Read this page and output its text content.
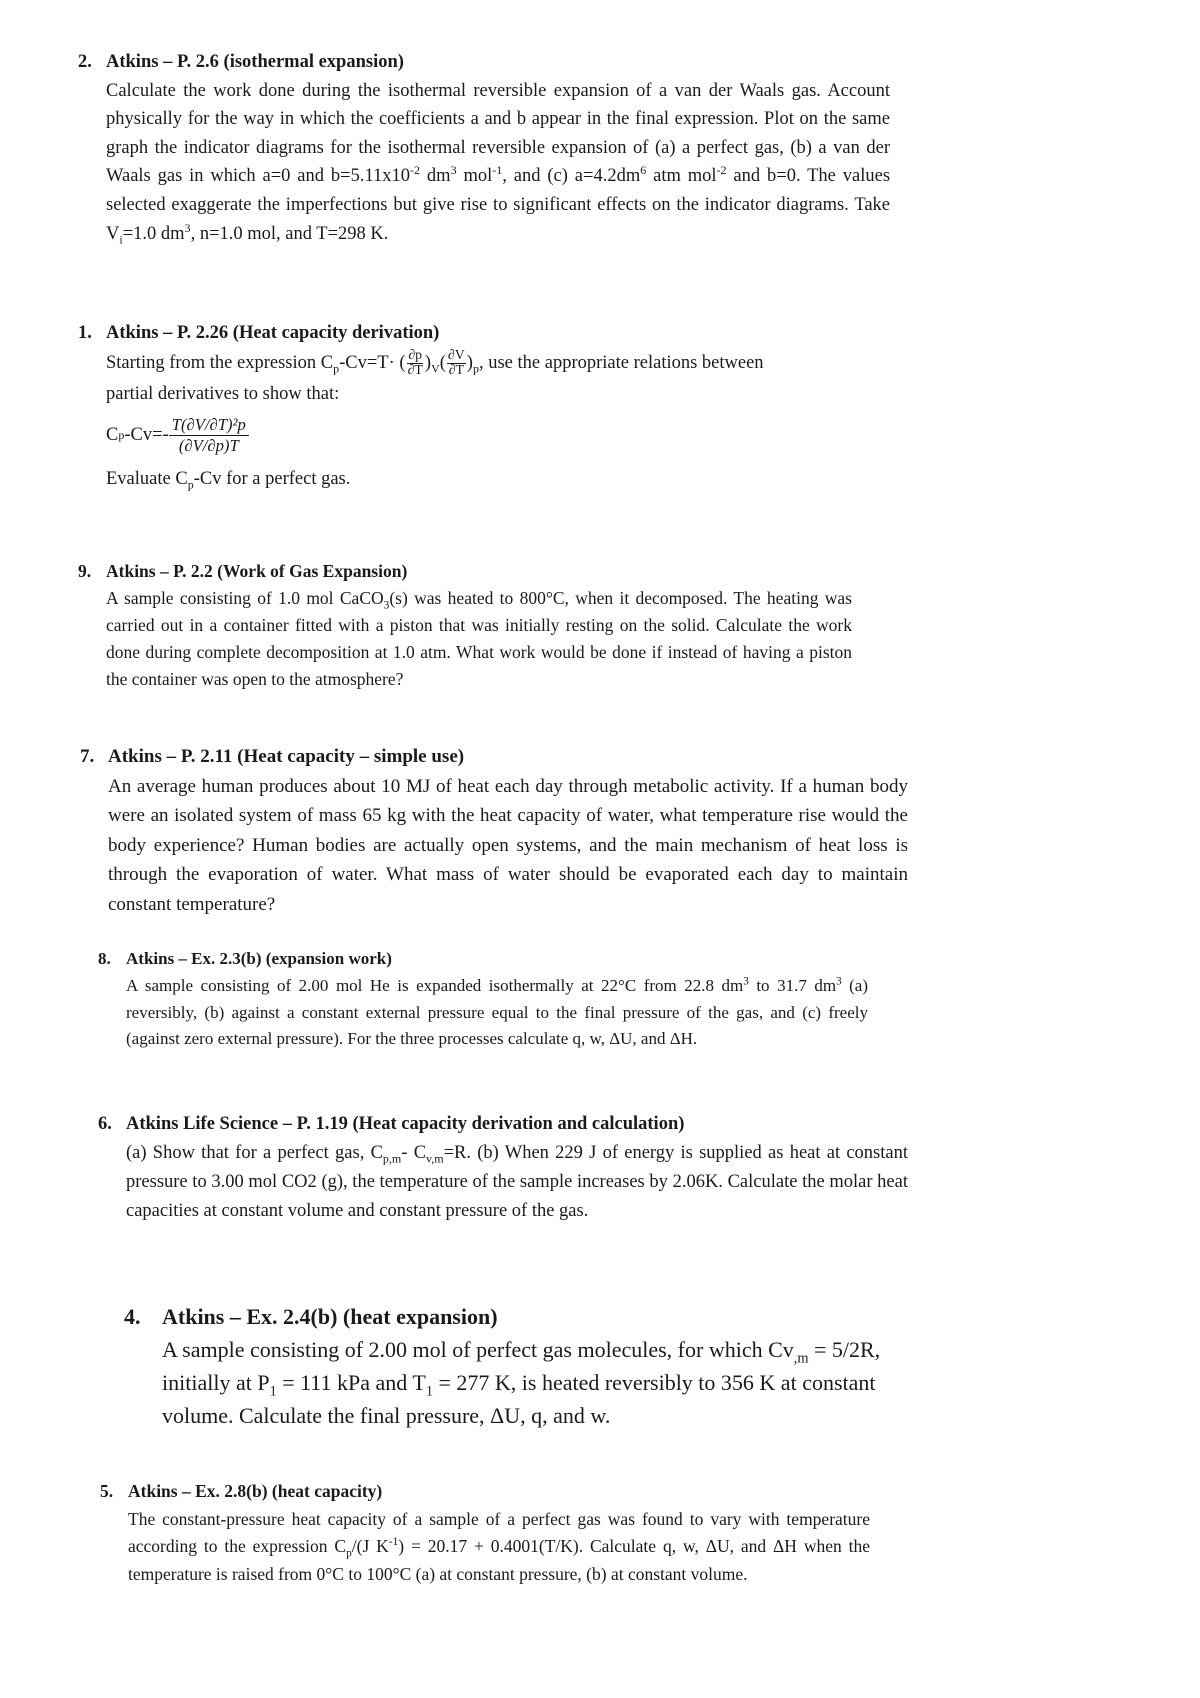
2. Atkins – P. 2.6 (isothermal expansion)

Calculate the work done during the isothermal reversible expansion of a van der Waals gas. Account physically for the way in which the coefficients a and b appear in the final expression. Plot on the same graph the indicator diagrams for the isothermal reversible expansion of (a) a perfect gas, (b) a van der Waals gas in which a=0 and $b=5.11x10^{-2}$ $dm^3$ mol$^{-1}$, and (c) $a=4.2dm^6$ atm mol$^{-2}$ and b=0. The values selected exaggerate the imperfections but give rise to significant effects on the indicator diagrams. Take $V_i=1.0$ $dm^3$, n=1.0 mol, and T=298 K.

1. Atkins – P. 2.26 (Heat capacity derivation)
Starting from the expression $C_p-Cv=T\cdot$ ( $\frac{\partial p}{\partial T} )_V( \frac{\partial V}{\partial T} )_p$, use the appropriate relations between
partial derivatives to show that:
C p -Cv=-
T(∂V/∂T)²p
(∂V/∂p)T
Evaluate $C_p-Cv$ for a perfect gas.
9. Atkins – P. 2.2 (Work of Gas Expansion)

A sample consisting of 1.0 mol CaCO$_3$(s) was heated to 800°C, when it decomposed. The heating was carried out in a container fitted with a piston that was initially resting on the solid. Calculate the work done during complete decomposition at 1.0 atm. What work would be done if instead of having a piston the container was open to the atmosphere?

7. Atkins – P. 2.11 (Heat capacity – simple use)

An average human produces about 10 MJ of heat each day through metabolic activity. If a human body were an isolated system of mass 65 kg with the heat capacity of water, what temperature rise would the body experience? Human bodies are actually open systems, and the main mechanism of heat loss is through the evaporation of water. What mass of water should be evaporated each day to maintain constant temperature?

8. Atkins – Ex. 2.3(b) (expansion work)

A sample consisting of 2.00 mol He is expanded isothermally at 22°C from 22.8 $dm^3$ to 31.7 $dm^3$ (a) reversibly, (b) against a constant external pressure equal to the final pressure of the gas, and (c) freely (against zero external pressure). For the three processes calculate q, w, ΔU, and ΔH.

6. Atkins Life Science – P. 1.19 (Heat capacity derivation and calculation)

(a) Show that for a perfect gas, $C_{p,m}-$ $C_{v,m}=R$. (b) When 229 J of energy is supplied as heat at constant pressure to 3.00 mol CO2 (g), the temperature of the sample increases by 2.06K. Calculate the molar heat capacities at constant volume and constant pressure of the gas.

4. Atkins – Ex. 2.4(b) (heat expansion)

A sample consisting of 2.00 mol of perfect gas molecules, for which $Cv_{,m} = 5/2R$, initially at $P_1 = 111$ kPa and $T_1 = 277$ K, is heated reversibly to 356 K at constant volume. Calculate the final pressure, ΔU, q, and w.

5. Atkins – Ex. 2.8(b) (heat capacity)

The constant-pressure heat capacity of a sample of a perfect gas was found to vary with temperature according to the expression $C_p/(J$ $K^{-1}) = 20.17 + 0.4001(T/K)$. Calculate q, w, ΔU, and ΔH when the temperature is raised from 0°C to 100°C (a) at constant pressure, (b) at constant volume.
